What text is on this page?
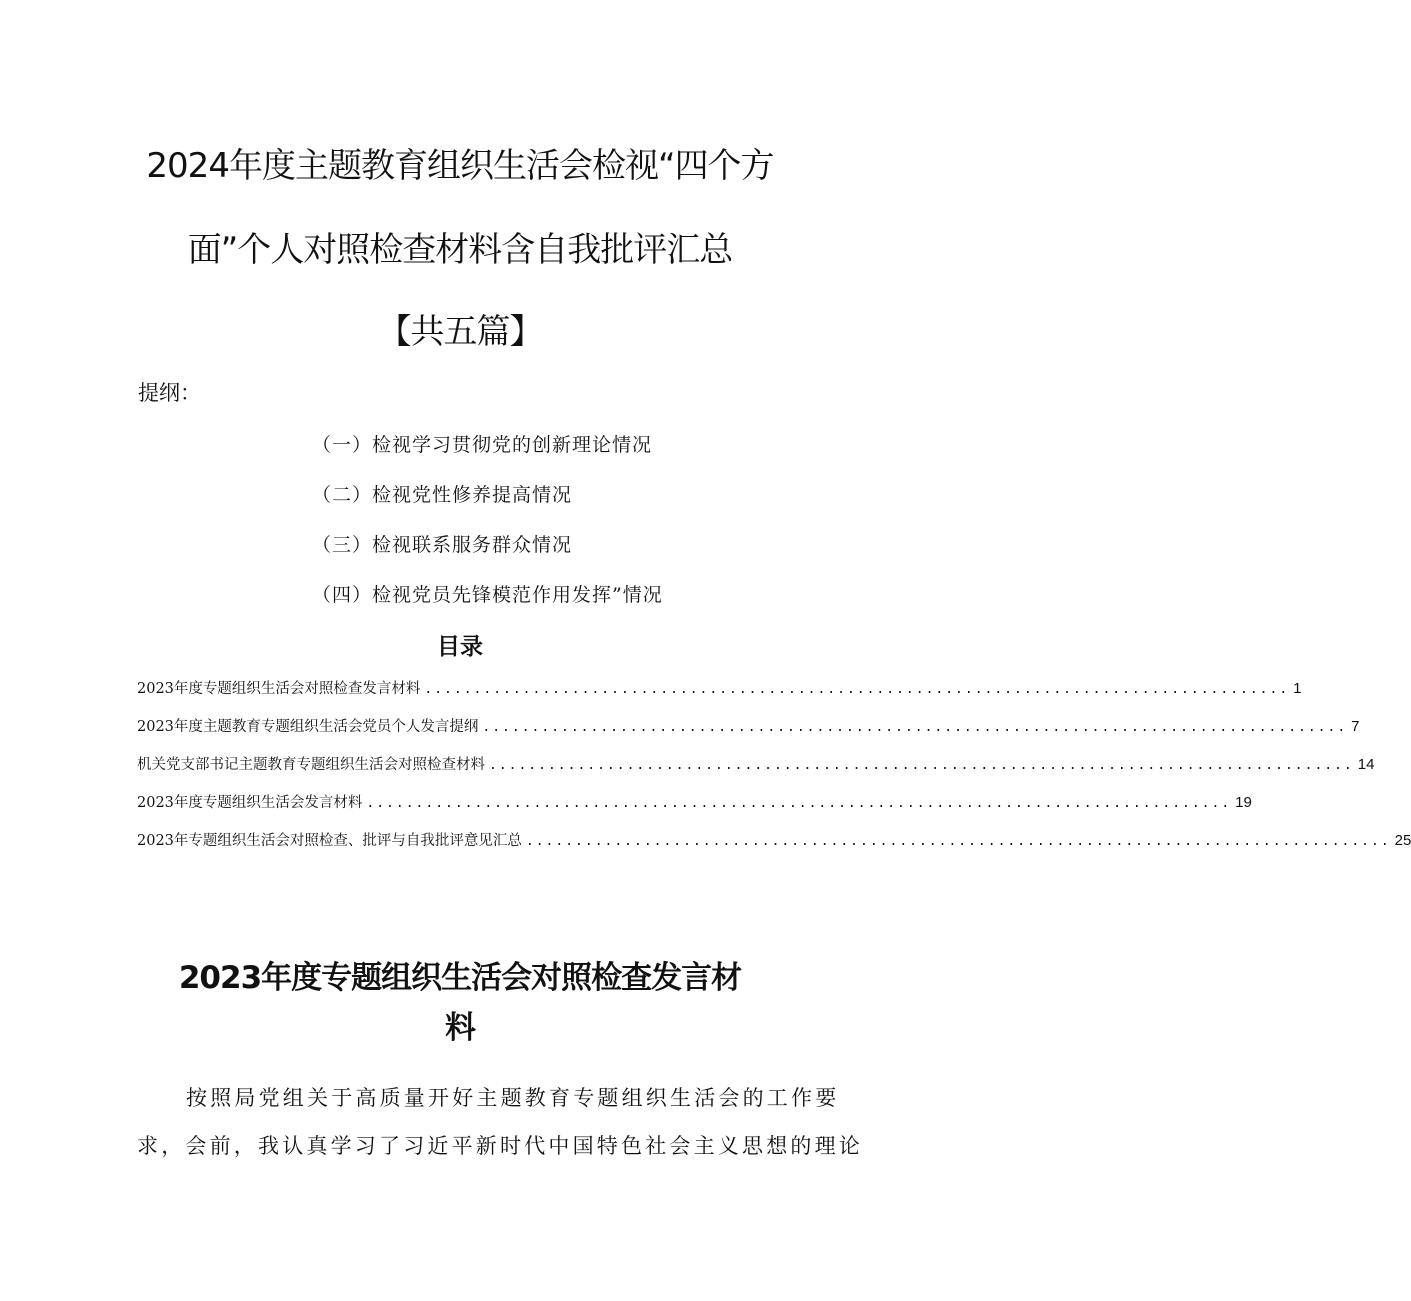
2024年度主题教育组织生活会检视“四个方
面”个人对照检查材料含自我批评汇总
【共五篇】

提纲：

（一）检视学习贯彻党的创新理论情况

（二）检视党性修养提高情况

（三）检视联系服务群众情况

（四）检视党员先锋模范作用发挥”情况

目录
2023年度专题组织生活会对照检查发言材料 ........................................................................................ 1
2023年度主题教育专题组织生活会党员个人发言提纲 ........................................................................................ 7
机关党支部书记主题教育专题组织生活会对照检查材料 ........................................................................................ 14
2023年度专题组织生活会发言材料 ........................................................................................ 19
2023年专题组织生活会对照检查、批评与自我批评意见汇总 ........................................................................................ 25
2023年度专题组织生活会对照检查发言材
料

按照局党组关于高质量开好主题教育专题组织生活会的工作要

求，会前，我认真学习了习近平新时代中国特色社会主义思想的理论
